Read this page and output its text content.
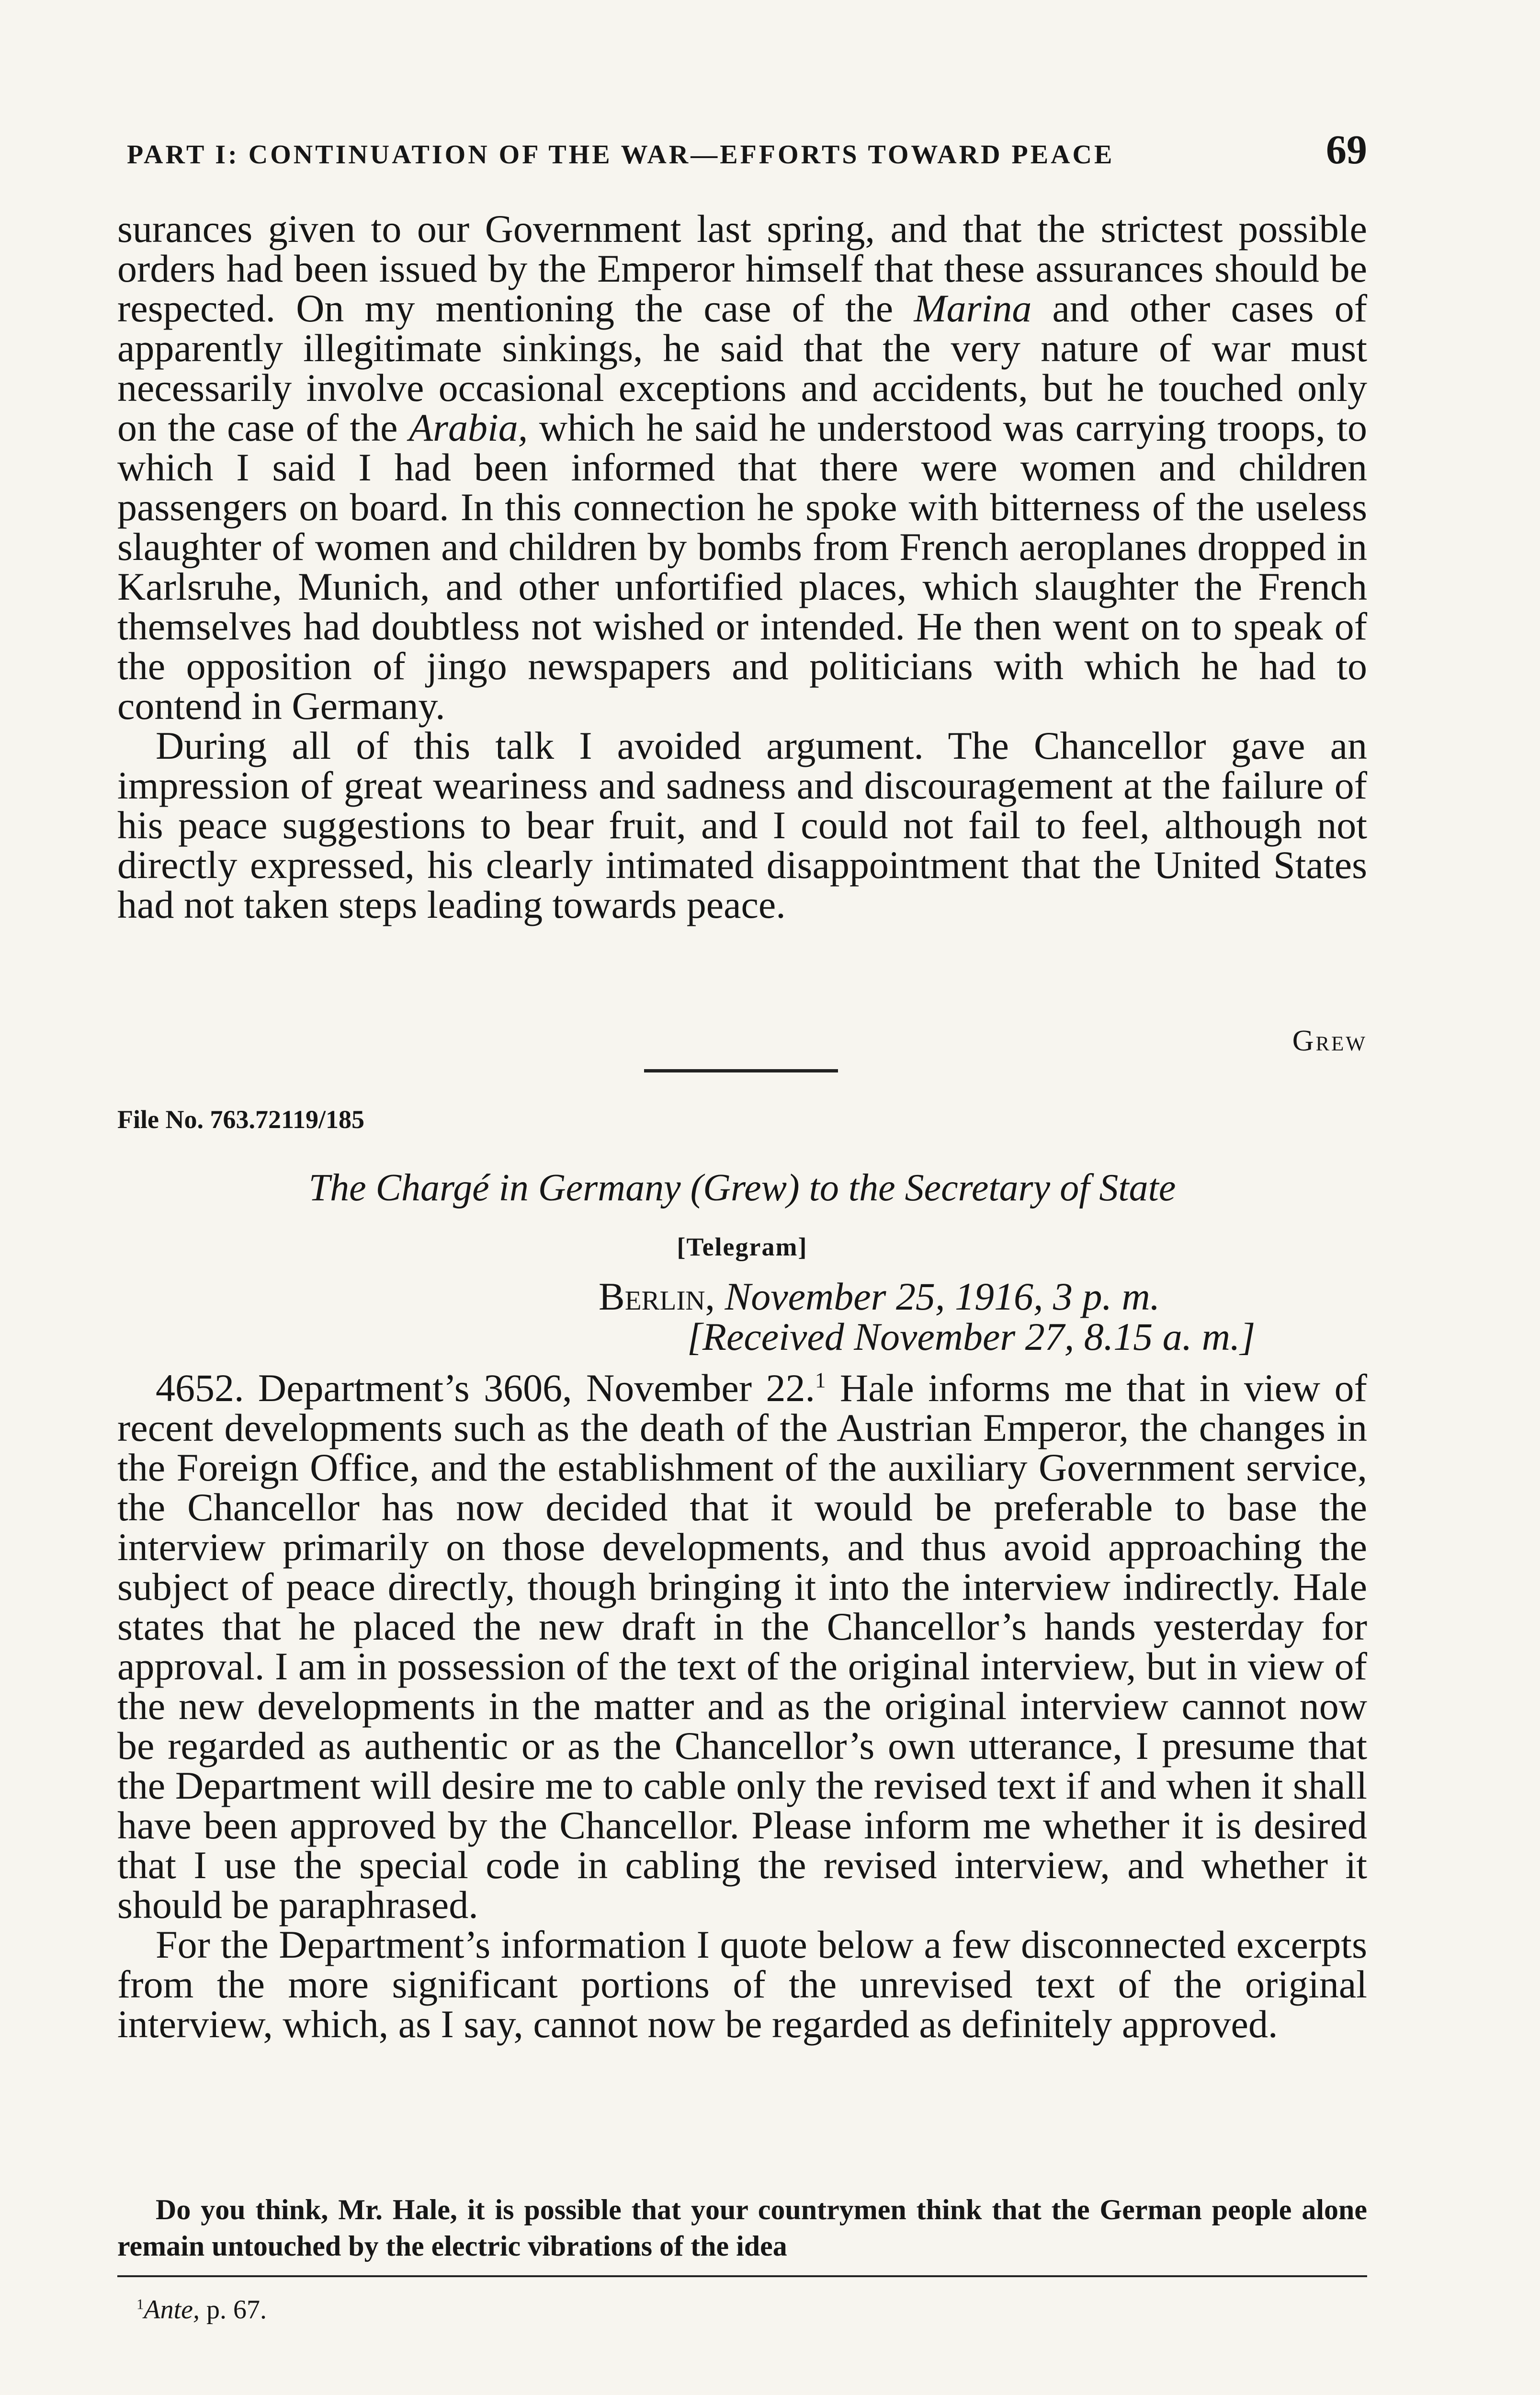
PART I: CONTINUATION OF THE WAR—EFFORTS TOWARD PEACE	69

surances given to our Government last spring, and that the strictest possible orders had been issued by the Emperor himself that these assurances should be respected. On my mentioning the case of the Marina and other cases of apparently illegitimate sinkings, he said that the very nature of war must necessarily involve occasional exceptions and accidents, but he touched only on the case of the Arabia, which he said he understood was carrying troops, to which I said I had been informed that there were women and children passengers on board. In this connection he spoke with bitterness of the useless slaughter of women and children by bombs from French aeroplanes dropped in Karlsruhe, Munich, and other unfortified places, which slaughter the French themselves had doubtless not wished or intended. He then went on to speak of the opposition of jingo newspapers and politicians with which he had to contend in Germany.

During all of this talk I avoided argument. The Chancellor gave an impression of great weariness and sadness and discouragement at the failure of his peace suggestions to bear fruit, and I could not fail to feel, although not directly expressed, his clearly intimated disappointment that the United States had not taken steps leading towards peace.

Grew
File No. 763.72119/185
The Chargé in Germany (Grew) to the Secretary of State
[Telegram]
Berlin, November 25, 1916, 3 p. m.
[Received November 27, 8.15 a. m.]

4652. Department’s 3606, November 22.$^1$ Hale informs me that in view of recent developments such as the death of the Austrian Emperor, the changes in the Foreign Office, and the establishment of the auxiliary Government service, the Chancellor has now decided that it would be preferable to base the interview primarily on those developments, and thus avoid approaching the subject of peace directly, though bringing it into the interview indirectly. Hale states that he placed the new draft in the Chancellor’s hands yesterday for approval. I am in possession of the text of the original interview, but in view of the new developments in the matter and as the original interview cannot now be regarded as authentic or as the Chancellor’s own utterance, I presume that the Department will desire me to cable only the revised text if and when it shall have been approved by the Chancellor. Please inform me whether it is desired that I use the special code in cabling the revised interview, and whether it should be paraphrased.

For the Department’s information I quote below a few disconnected excerpts from the more significant portions of the unrevised text of the original interview, which, as I say, cannot now be regarded as definitely approved.

Do you think, Mr. Hale, it is possible that your countrymen think that the German people alone remain untouched by the electric vibrations of the idea
$^1$Ante, p. 67.
